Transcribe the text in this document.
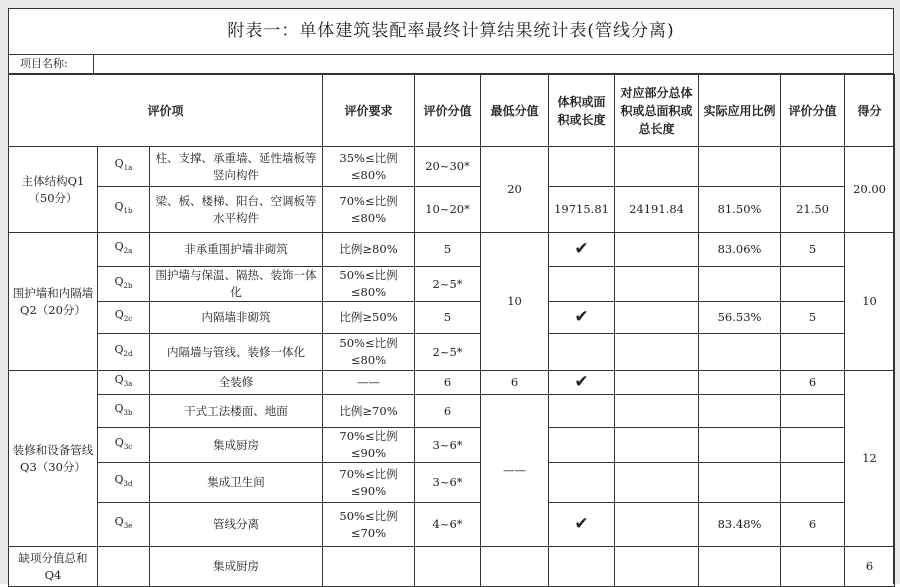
附表一：单体建筑装配率最终计算结果统计表(管线分离)
项目名称:
评价项			评价要求	评价分值	最低分值	体积或面积或长度	对应部分总体积或总面积或总长度	实际应用比例	评价分值	得分
主体结构Q1（50分）	$Q_{1a}$	柱、支撑、承重墙、延性墙板等竖向构件	35%≤比例≤80%	20~30*	20					20.00
	$Q_{1b}$	梁、板、楼梯、阳台、空调板等水平构件	70%≤比例≤80%	10~20*		19715.81	24191.84	81.50%	21.50	
围护墙和内隔墙Q2（20分）	$Q_{2a}$	非承重围护墙非砌筑	比例≥80%	5	10	✔		83.06%	5	10
	$Q_{2b}$	围护墙与保温、隔热、装饰一体化	50%≤比例≤80%	2~5*						
	$Q_{2c}$	内隔墙非砌筑	比例≥50%	5		✔		56.53%	5	
	$Q_{2d}$	内隔墙与管线、装修一体化	50%≤比例≤80%	2~5*						
装修和设备管线Q3（30分）	$Q_{3a}$	全装修	——	6	6	✔			6	12
	$Q_{3b}$	干式工法楼面、地面	比例≥70%	6	——					
	$Q_{3c}$	集成厨房	70%≤比例≤90%	3~6*						
	$Q_{3d}$	集成卫生间	70%≤比例≤90%	3~6*						
	$Q_{3e}$	管线分离	50%≤比例≤70%	4~6*		✔		83.48%	6	
缺项分值总和Q4		集成厨房								6
